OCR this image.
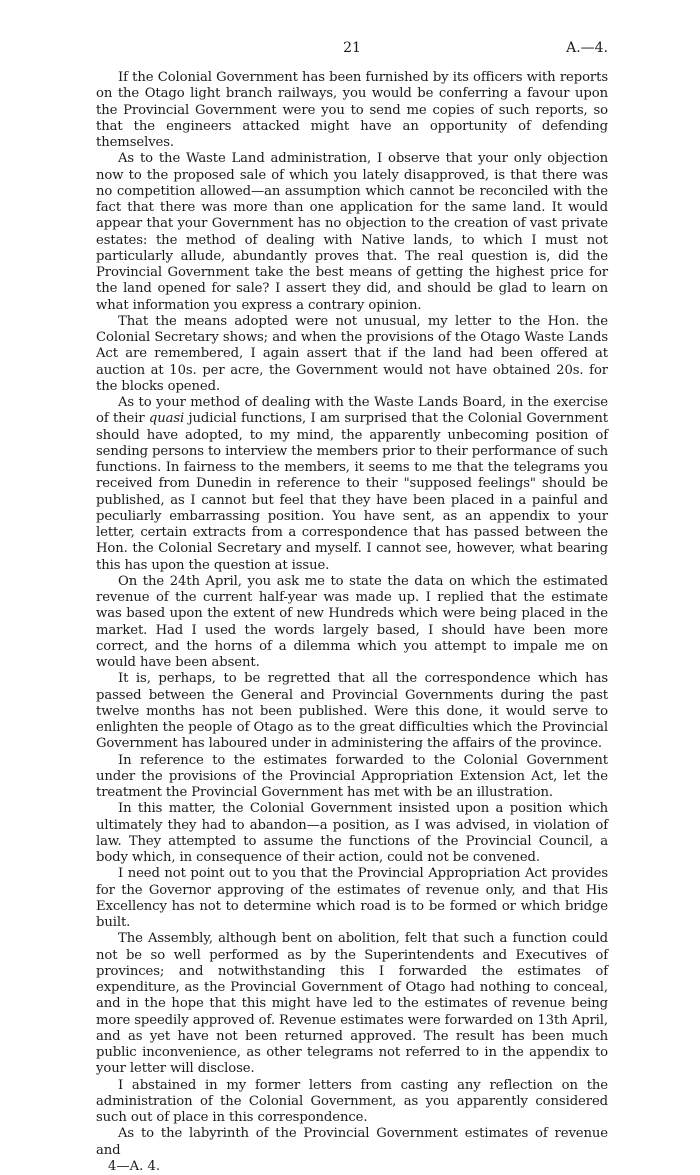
21	A.—4.

If the Colonial Government has been furnished by its officers with reports on the Otago light branch railways, you would be conferring a favour upon the Provincial Government were you to send me copies of such reports, so that the engineers attacked might have an opportunity of defending themselves.

As to the Waste Land administration, I observe that your only objection now to the proposed sale of which you lately disapproved, is that there was no competition allowed—an assumption which cannot be reconciled with the fact that there was more than one application for the same land. It would appear that your Government has no objection to the creation of vast private estates: the method of dealing with Native lands, to which I must not particularly allude, abundantly proves that. The real question is, did the Provincial Government take the best means of getting the highest price for the land opened for sale? I assert they did, and should be glad to learn on what information you express a contrary opinion.

That the means adopted were not unusual, my letter to the Hon. the Colonial Secretary shows; and when the provisions of the Otago Waste Lands Act are remembered, I again assert that if the land had been offered at auction at 10s. per acre, the Government would not have obtained 20s. for the blocks opened.

As to your method of dealing with the Waste Lands Board, in the exercise of their quasi judicial functions, I am surprised that the Colonial Government should have adopted, to my mind, the apparently unbecoming position of sending persons to interview the members prior to their performance of such functions. In fairness to the members, it seems to me that the telegrams you received from Dunedin in reference to their "supposed feelings" should be published, as I cannot but feel that they have been placed in a painful and peculiarly embarrassing position. You have sent, as an appendix to your letter, certain extracts from a correspondence that has passed between the Hon. the Colonial Secretary and myself. I cannot see, however, what bearing this has upon the question at issue.

On the 24th April, you ask me to state the data on which the estimated revenue of the current half-year was made up. I replied that the estimate was based upon the extent of new Hundreds which were being placed in the market. Had I used the words largely based, I should have been more correct, and the horns of a dilemma which you attempt to impale me on would have been absent.

It is, perhaps, to be regretted that all the correspondence which has passed between the General and Provincial Governments during the past twelve months has not been published. Were this done, it would serve to enlighten the people of Otago as to the great difficulties which the Provincial Government has laboured under in administering the affairs of the province.

In reference to the estimates forwarded to the Colonial Government under the provisions of the Provincial Appropriation Extension Act, let the treatment the Provincial Government has met with be an illustration.

In this matter, the Colonial Government insisted upon a position which ultimately they had to abandon—a position, as I was advised, in violation of law. They attempted to assume the functions of the Provincial Council, a body which, in consequence of their action, could not be convened.

I need not point out to you that the Provincial Appropriation Act provides for the Governor approving of the estimates of revenue only, and that His Excellency has not to determine which road is to be formed or which bridge built.

The Assembly, although bent on abolition, felt that such a function could not be so well performed as by the Superintendents and Executives of provinces; and notwithstanding this I forwarded the estimates of expenditure, as the Provincial Government of Otago had nothing to conceal, and in the hope that this might have led to the estimates of revenue being more speedily approved of. Revenue estimates were forwarded on 13th April, and as yet have not been returned approved. The result has been much public inconvenience, as other telegrams not referred to in the appendix to your letter will disclose.

I abstained in my former letters from casting any reflection on the administration of the Colonial Government, as you apparently considered such out of place in this correspondence.

As to the labyrinth of the Provincial Government estimates of revenue and

4—A. 4.
